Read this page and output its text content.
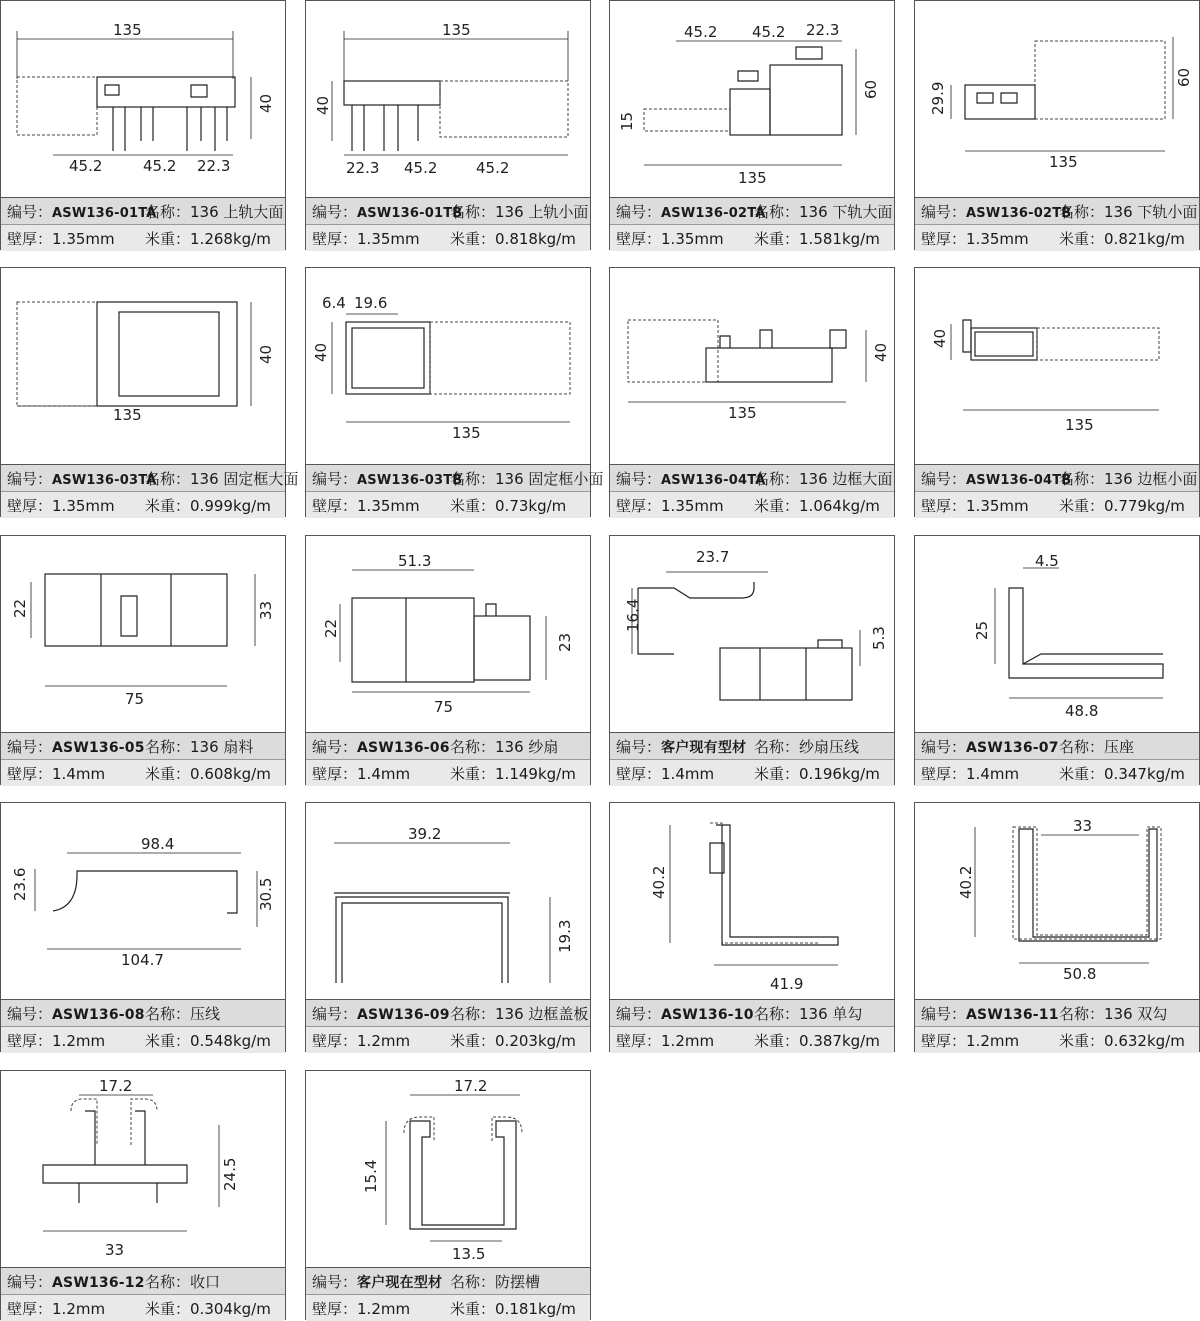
135
40
45.2	45.2 22.3
编号：ASW136-01TA
名称：136 上轨大面
壁厚：1.35mm	米重：1.268kg/m
135
40
22.3 45.2	45.2
编号：ASW136-01TB
名称：136 上轨小面
壁厚：1.35mm	米重：0.818kg/m
45.2 45.2 22.3
60
15
135
编号：ASW136-02TA
名称：136 下轨大面
壁厚：1.35mm	米重：1.581kg/m
29.9
60
135
编号：ASW136-02TB
名称：136 下轨小面
壁厚：1.35mm	米重：0.821kg/m
40
135
编号：ASW136-03TA
名称：136 固定框大面
壁厚：1.35mm	米重：0.999kg/m
6.4 19.6
40
135
编号：ASW136-03TB
名称：136 固定框小面
壁厚：1.35mm	米重：0.73kg/m
135
40
编号：ASW136-04TA
名称：136 边框大面
壁厚：1.35mm	米重：1.064kg/m
40
135
编号：ASW136-04TB
名称：136 边框小面
壁厚：1.35mm	米重：0.779kg/m
22	33
75
编号：ASW136-05 名称：136 扇料
壁厚：1.4mm	米重：0.608kg/m
51.3
22
23
75
编号：ASW136-06 名称：136 纱扇
壁厚：1.4mm	米重：1.149kg/m
23.7
16.4
5.3
编号：客户现有型材 名称：纱扇压线
壁厚：1.4mm	米重：0.196kg/m
4.5
25
48.8
编号：ASW136-07 名称：压座
壁厚：1.4mm	米重：0.347kg/m
98.4
23.6	30.5
104.7
编号：ASW136-08 名称：压线
壁厚：1.2mm	米重：0.548kg/m
39.2
19.3
编号：ASW136-09 名称：136 边框盖板
壁厚：1.2mm	米重：0.203kg/m
40.2
41.9
编号：ASW136-10 名称：136 单勾
壁厚：1.2mm	米重：0.387kg/m
33
40.2
50.8
编号：ASW136-11 名称：136 双勾
壁厚：1.2mm	米重：0.632kg/m
17.2
24.5
33
编号：ASW136-12 名称：收口
壁厚：1.2mm	米重：0.304kg/m
17.2
15.4
13.5
编号：客户现在型材 名称：防摆槽
壁厚：1.2mm	米重：0.181kg/m
